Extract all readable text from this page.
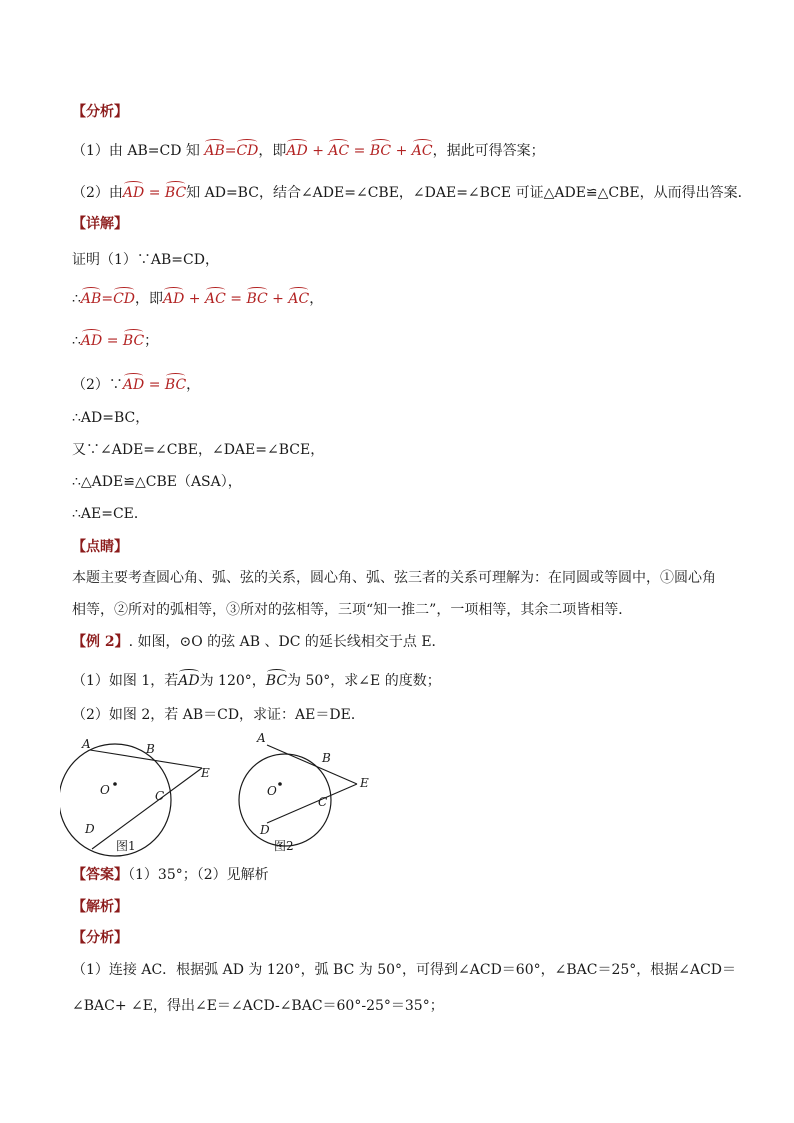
【分析】
（1）由 AB=CD 知 AB=CD，即AD + AC = BC + AC，据此可得答案；
（2）由AD = BC知 AD=BC，结合∠ADE=∠CBE，∠DAE=∠BCE 可证△ADE≌△CBE，从而得出答案．
【详解】
证明（1）∵AB=CD，
∴AB=CD，即AD + AC = BC + AC，
∴AD = BC；
（2）∵AD = BC，
∴AD=BC，
又∵∠ADE=∠CBE，∠DAE=∠BCE，
∴△ADE≌△CBE（ASA），
∴AE=CE．
【点睛】
本题主要考查圆心角、弧、弦的关系，圆心角、弧、弦三者的关系可理解为：在同圆或等圆中，①圆心角
相等，②所对的弧相等，③所对的弦相等，三项“知一推二”，一项相等，其余二项皆相等．
【例 2】. 如图，⊙O 的弦 AB 、DC 的延长线相交于点 E．
（1）如图 1，若AD为 120°，BC为 50°，求∠E 的度数；
（2）如图 2，若 AB＝CD，求证：AE＝DE．
A	B
E
O	C
D
图1
A
B
E
O
C
D
图2
【答案】（1）35°；（2）见解析
【解析】
【分析】
（1）连接 AC．根据弧 AD 为 120°，弧 BC 为 50°，可得到∠ACD＝60°，∠BAC＝25°，根据∠ACD＝
∠BAC+ ∠E，得出∠E＝∠ACD-∠BAC＝60°-25°＝35°；
